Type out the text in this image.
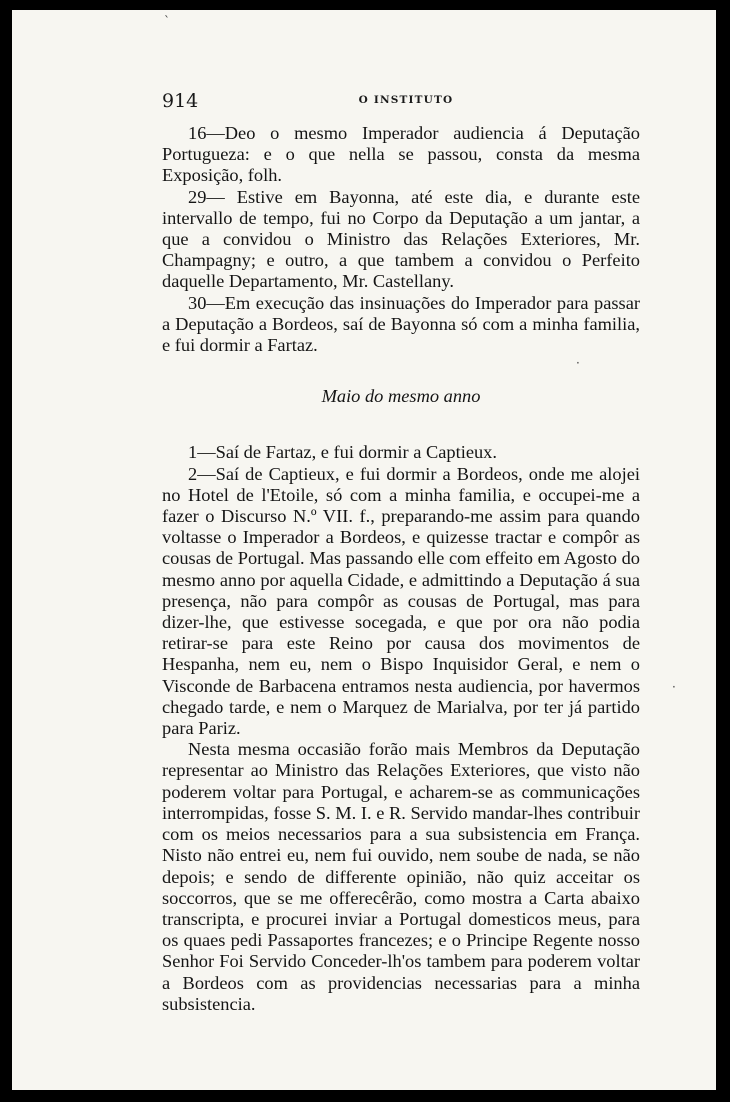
914	O INSTITUTO

16—Deo o mesmo Imperador audiencia á Deputação Portugueza: e o que nella se passou, consta da mesma Exposição, folh.

29— Estive em Bayonna, até este dia, e durante este intervallo de tempo, fui no Corpo da Deputação a um jantar, a que a convidou o Ministro das Relações Exteriores, Mr. Champagny; e outro, a que tambem a convidou o Perfeito daquelle Departamento, Mr. Castellany.

30—Em execução das insinuações do Imperador para passar a Deputação a Bordeos, saí de Bayonna só com a minha familia, e fui dormir a Fartaz.

Maio do mesmo anno

1—Saí de Fartaz, e fui dormir a Captieux.

2—Saí de Captieux, e fui dormir a Bordeos, onde me alojei no Hotel de l'Etoile, só com a minha familia, e occupei-me a fazer o Discurso N.º VII. f., preparando-me assim para quando voltasse o Imperador a Bordeos, e quizesse tractar e compôr as cousas de Portugal. Mas passando elle com effeito em Agosto do mesmo anno por aquella Cidade, e admittindo a Deputação á sua presença, não para compôr as cousas de Portugal, mas para dizer-lhe, que estivesse socegada, e que por ora não podia retirar-se para este Reino por causa dos movimentos de Hespanha, nem eu, nem o Bispo Inquisidor Geral, e nem o Visconde de Barbacena entramos nesta audiencia, por havermos chegado tarde, e nem o Marquez de Marialva, por ter já partido para Pariz.

Nesta mesma occasião forão mais Membros da Deputação representar ao Ministro das Relações Exteriores, que visto não poderem voltar para Portugal, e acharem-se as communicações interrompidas, fosse S. M. I. e R. Servido mandar-lhes contribuir com os meios necessarios para a sua subsistencia em França. Nisto não entrei eu, nem fui ouvido, nem soube de nada, se não depois; e sendo de differente opinião, não quiz acceitar os soccorros, que se me offerecêrão, como mostra a Carta abaixo transcripta, e procurei inviar a Portugal domesticos meus, para os quaes pedi Passaportes francezes; e o Principe Regente nosso Senhor Foi Servido Conceder-lh'os tambem para poderem voltar a Bordeos com as providencias necessarias para a minha subsistencia.

`
·
·
